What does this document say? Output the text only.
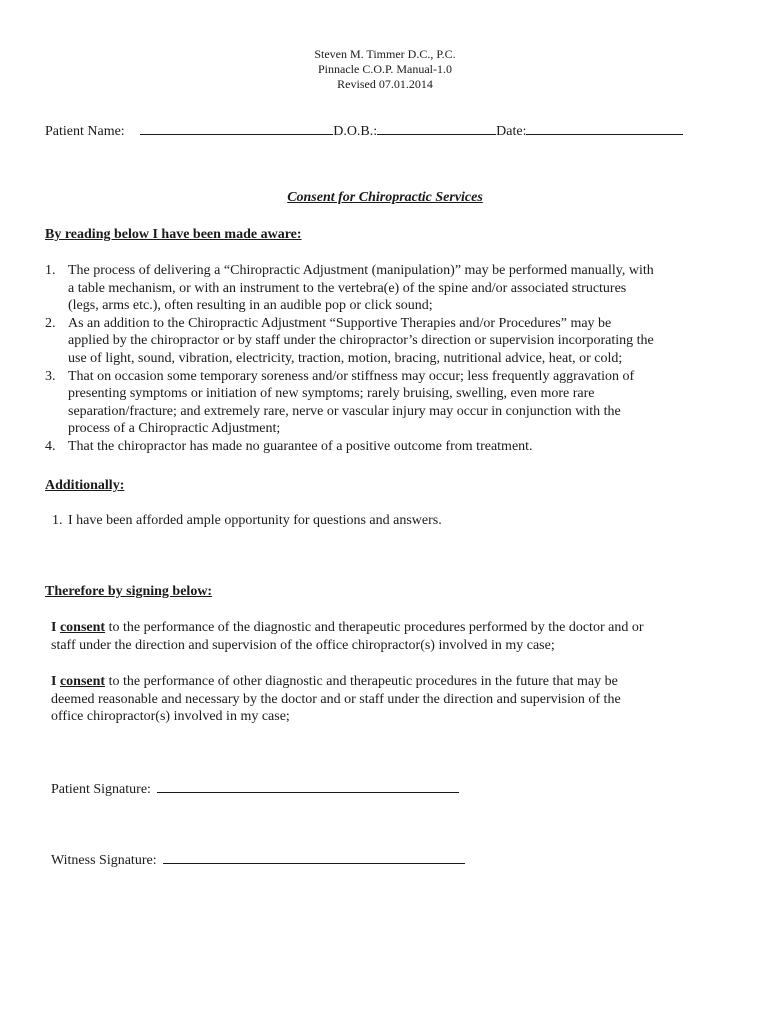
Steven M. Timmer D.C., P.C.
Pinnacle C.O.P. Manual-1.0
Revised 07.01.2014
Patient Name:	D.O.B.:	Date:
Consent for Chiropractic Services
By reading below I have been made aware:
1. The process of delivering a “Chiropractic Adjustment (manipulation)” may be performed manually, with
a table mechanism, or with an instrument to the vertebra(e) of the spine and/or associated structures
(legs, arms etc.), often resulting in an audible pop or click sound;
2. As an addition to the Chiropractic Adjustment “Supportive Therapies and/or Procedures” may be
applied by the chiropractor or by staff under the chiropractor’s direction or supervision incorporating the
use of light, sound, vibration, electricity, traction, motion, bracing, nutritional advice, heat, or cold;
3. That on occasion some temporary soreness and/or stiffness may occur; less frequently aggravation of
presenting symptoms or initiation of new symptoms; rarely bruising, swelling, even more rare
separation/fracture; and extremely rare, nerve or vascular injury may occur in conjunction with the
process of a Chiropractic Adjustment;
4. That the chiropractor has made no guarantee of a positive outcome from treatment.
Additionally:
1. I have been afforded ample opportunity for questions and answers.
Therefore by signing below:
I consent to the performance of the diagnostic and therapeutic procedures performed by the doctor and or
staff under the direction and supervision of the office chiropractor(s) involved in my case;
I consent to the performance of other diagnostic and therapeutic procedures in the future that may be
deemed reasonable and necessary by the doctor and or staff under the direction and supervision of the
office chiropractor(s) involved in my case;
Patient Signature:
Witness Signature:
